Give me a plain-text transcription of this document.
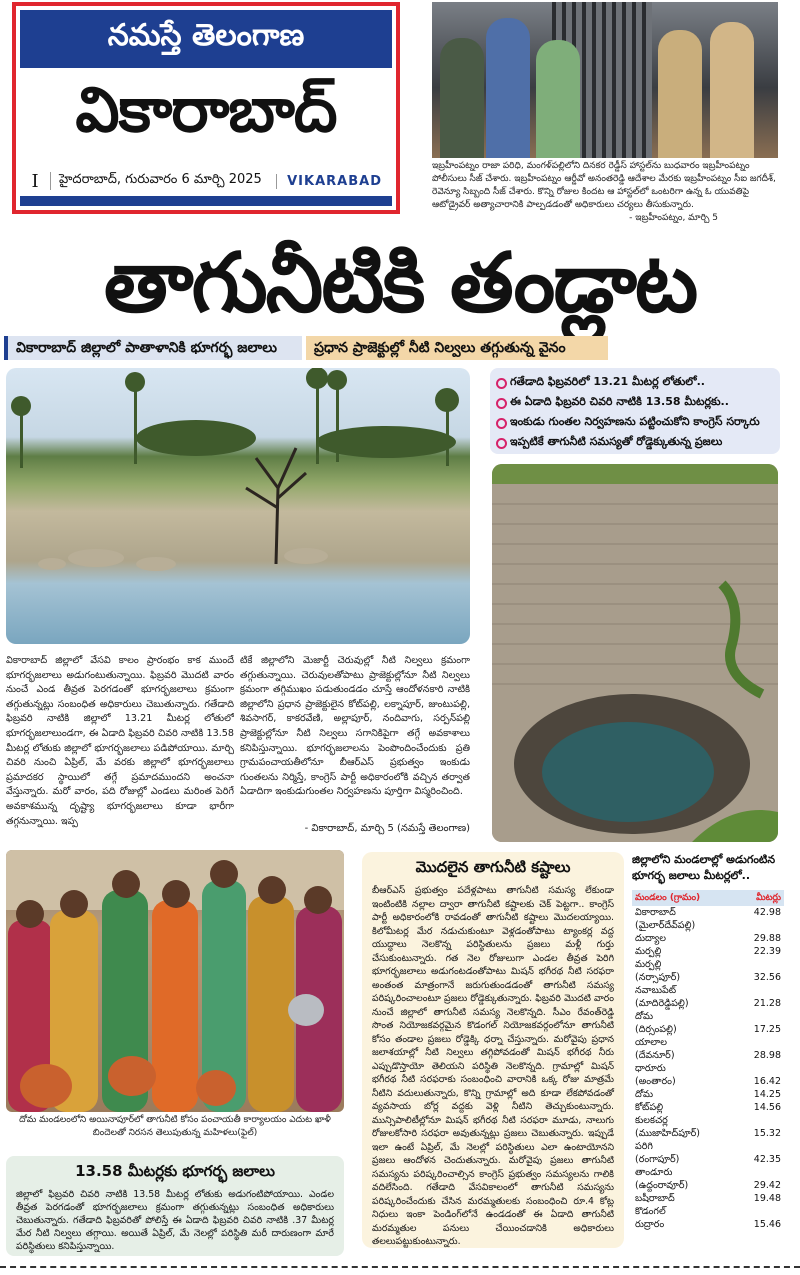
నమస్తే తెలంగాణ
వికారాబాద్
I	హైదరాబాద్, గురువారం 6 మార్చి 2025	VIKARABAD
ఇబ్రహీంపట్నం రాజా పరిధి, మంగళ్‌పల్లిలోని దినకర రెడ్డీస్ హాస్టల్‌ను బుధవారం ఇబ్రహీంపట్నం పోలీసులు సీజ్ చేశారు. ఇబ్రహీంపట్నం ఆర్డీవో అనంతరెడ్డి ఆదేశాల మేరకు ఇబ్రహీంపట్నం సీఐ జగదీశ్, రెవెన్యూ సిబ్బంది సీజ్ చేశారు. కొన్ని రోజుల కిందట ఆ హాస్టల్‌లో ఒంటరిగా ఉన్న ఓ యువతిపై ఆటోడ్రైవర్ అత్యాచారానికి పాల్పడడంతో అధికారులు చర్యలు తీసుకున్నారు.
- ఇబ్రహీంపట్నం, మార్చి 5
తాగునీటికి తండ్లాట
వికారాబాద్ జిల్లాలో పాతాళానికి భూగర్భ జలాలు	ప్రధాన ప్రాజెక్టుల్లో నీటి నిల్వలు తగ్గుతున్న వైనం
గతేడాది ఫిబ్రవరిలో 13.21 మీటర్ల లోతులో..
ఈ ఏడాది ఫిబ్రవరి చివరి నాటికి 13.58 మీటర్లకు..
ఇంకుడు గుంతల నిర్వహణను పట్టించుకోని కాంగ్రెస్ సర్కారు
ఇప్పటికే తాగునీటి సమస్యతో రోడ్డెక్కుతున్న ప్రజలు
వికారాబాద్ జిల్లాలో వేసవి కాలం ప్రారంభం కాక ముందే భూగర్భజలాలు అడుగంటుతున్నాయి. ఫిబ్రవరి మొదటి వారం నుంచే ఎండ తీవ్రత పెరగడంతో భూగర్భజలాలు క్రమంగా తగ్గుతున్నట్లు సంబంధిత అధికారులు చెబుతున్నారు. గతేడాది ఫిబ్రవరి నాటికి జిల్లాలో 13.21 మీటర్ల లోతులో భూగర్భజలాలుండగా, ఈ ఏడాది ఫిబ్రవరి చివరి నాటికి 13.58 మీటర్ల లోతుకు జిల్లాలో భూగర్భజలాలు పడిపోయాయి. మార్చి చివరి నుంచి ఏప్రిల్, మే వరకు జిల్లాలో భూగర్భజలాలు ప్రమాదకర స్థాయిలో తగ్గే ప్రమాదముందని అంచనా వేస్తున్నారు. మరో వారం, పది రోజుల్లో ఎండలు మరింత పెరిగే అవకాశమున్న దృష్ట్యా భూగర్భజలాలు కూడా భారీగా తగ్గనున్నాయి. ఇప్ప
టికే జిల్లాలోని మెజార్టీ చెరువుల్లో నీటి నిల్వలు క్రమంగా తగ్గుతున్నాయి. చెరువులతోపాటు ప్రాజెక్టుల్లోనూ నీటి నిల్వలు క్రమంగా తగ్గిముఖం పడుతుండడం చూస్తే ఆందోళనకారి నాటికి జిల్లాలోని ప్రధాన ప్రాజెక్టులైన కోట్‌పల్లి, లక్నాపూర్, జుంటుపల్లి, శివసాగర్, కాకరవేణి, అల్లాపూర్, నందివాగు, సర్పన్‌పల్లి ప్రాజెక్టుల్లోనూ నీటి నిల్వలు సగానికిపైగా తగ్గే అవకాశాలు కనిపిస్తున్నాయి. భూగర్భజలాలను పెంపొందించేందుకు ప్రతి గ్రామపంచాయతీలోనూ బీఆర్ఎస్ ప్రభుత్వం ఇంకుడు గుంతలను నిర్మిస్తే, కాంగ్రెస్ పార్టీ అధికారంలోకి వచ్చిన తర్వాత ఏడాదిగా ఇంకుడుగుంతల నిర్వహణను పూర్తిగా విస్మరించింది.
- వికారాబాద్, మార్చి 5 (నమస్తే తెలంగాణ)
దోమ మండలంలోని అయినాపూర్‌లో తాగునీటి కోసం పంచాయతీ కార్యాలయం ఎదుట ఖాళీ బిందెలతో నిరసన తెలుపుతున్న మహిళలు(ఫైల్)
13.58 మీటర్లకు భూగర్భ జలాలు
జిల్లాలో ఫిబ్రవరి చివరి నాటికి 13.58 మీటర్ల లోతుకు అడుగంటిపోయాయి. ఎండల తీవ్రత పెరగడంతో భూగర్భజలాలు క్రమంగా తగ్గుతున్నట్లు సంబంధిత అధికారులు చెబుతున్నారు. గతేడాది ఫిబ్రవరితో పోలిస్తే ఈ ఏడాది ఫిబ్రవరి చివరి నాటికి .37 మీటర్ల మేర నీటి నిల్వలు తగ్గాయి. అయితే ఏప్రిల్, మే నెలల్లో పరిస్థితి మరీ దారుణంగా మారే పరిస్థితులు కనిపిస్తున్నాయి.
మొదలైన తాగునీటి కష్టాలు
బీఆర్ఎస్ ప్రభుత్వం పదేళ్లపాటు తాగునీటి సమస్య లేకుండా ఇంటింటికి నల్లాల ద్వారా తాగునీటి కష్టాలకు చెక్ పెట్టగా.. కాంగ్రెస్ పార్టీ అధికారంలోకి రావడంతో తాగునీటి కష్టాలు మొదలయ్యాయి. కిలోమీటర్ల మేర నడుచుకుంటూ వెళ్లడంతోపాటు ట్యాంకర్ల వద్ద యుద్ధాలు నెలకొన్న పరిస్థితులను ప్రజలు మళ్లీ గుర్తు చేసుకుంటున్నారు. గత నెల రోజులుగా ఎండల తీవ్రత పెరిగి భూగర్భజలాలు అడుగంటడంతోపాటు మిషన్ భగీరథ నీటి సరఫరా అంతంత మాత్రంగానే జరుగుతుండడంతో తాగునీటి సమస్య పరిష్కరించాలంటూ ప్రజలు రోడ్డెక్కుతున్నారు. ఫిబ్రవరి మొదటి వారం నుంచే జిల్లాలో తాగునీటి సమస్య నెలకొన్నది. సీఎం రేవంత్‌రెడ్డి సొంత నియోజకవర్గమైన కొడంగల్ నియోజకవర్గంలోనూ తాగునీటి కోసం తండాల ప్రజలు రోడ్డెక్కి ధర్నా చేస్తున్నారు. మరోవైపు ప్రధాన జలాశయాల్లో నీటి నిల్వలు తగ్గిపోవడంతో మిషన్ భగీరథ నీరు ఎప్పుడొస్తాయో తెలియని పరిస్థితి నెలకొన్నది. గ్రామాల్లో మిషన్ భగీరథ నీటి సరఫరాకు సంబంధించి వారానికి ఒక్క రోజు మాత్రమే నీటిని వదులుతున్నారు, కొన్ని గ్రామాల్లో అది కూడా లేకపోవడంతో వ్యవసాయ బోర్ల వద్దకు వెళ్లి నీటిని తెచ్చుకుంటున్నారు. మున్సిపాలిటీల్లోనూ మిషన్ భగీరథ నీటి సరఫరా మూడు, నాలుగు రోజులకోసారి సరఫరా అవుతున్నట్లు ప్రజలు చెబుతున్నారు. ఇప్పుడే ఇలా ఉంటే ఏప్రిల్, మే నెలల్లో పరిస్థితులు ఎలా ఉంటాయోనని ప్రజలు ఆందోళన చెందుతున్నారు. మరోవైపు ప్రజలు తాగునీటి సమస్యను పరిష్కరించాల్సిన కాంగ్రెస్ ప్రభుత్వం సమస్యలను గాలికి వదిలేసింది. గతేడాది వేసవికాలంలో తాగునీటి సమస్యను పరిష్కరించేందుకు చేసిన మరమ్మతులకు సంబంధించి రూ.4 కోట్ల నిధులు ఇంకా పెండింగ్‌లోనే ఉండడంతో ఈ ఏడాది తాగునీటి మరమ్మతుల పనులు చేయించడానికి అధికారులు తలలుపట్టుకుంటున్నారు.
జిల్లాలోని మండలాల్లో అడుగంటిన భూగర్భ జలాలు మీటర్లలో..
మండలం (గ్రామం)	మీటర్లు
వికారాబాద్	42.98
(మైలార్‌దేవ్‌పల్లి)
దుద్యాల	29.88
మర్పల్లి	22.39
మర్పల్లి
(నర్సాపూర్)	32.56
నవాబుపేట్
(మాదిరెడ్డిపల్లి)	21.28
దోమ
(దిర్సంపల్లి)	17.25
యాలాల
(దేవనూర్)	28.98
ధారూరు
(అంతారం)	16.42
దోమ	14.25
కోట్‌పల్లి	14.56
కులకచర్ల
(ముజాహిద్‌పూర్)	15.32
పరిగి
(రంగాపూర్)	42.35
తాండూరు
(ఉద్దంరావూర్)	29.42
బషీరాబాద్	19.48
కొడంగల్
రుద్రారం	15.46
